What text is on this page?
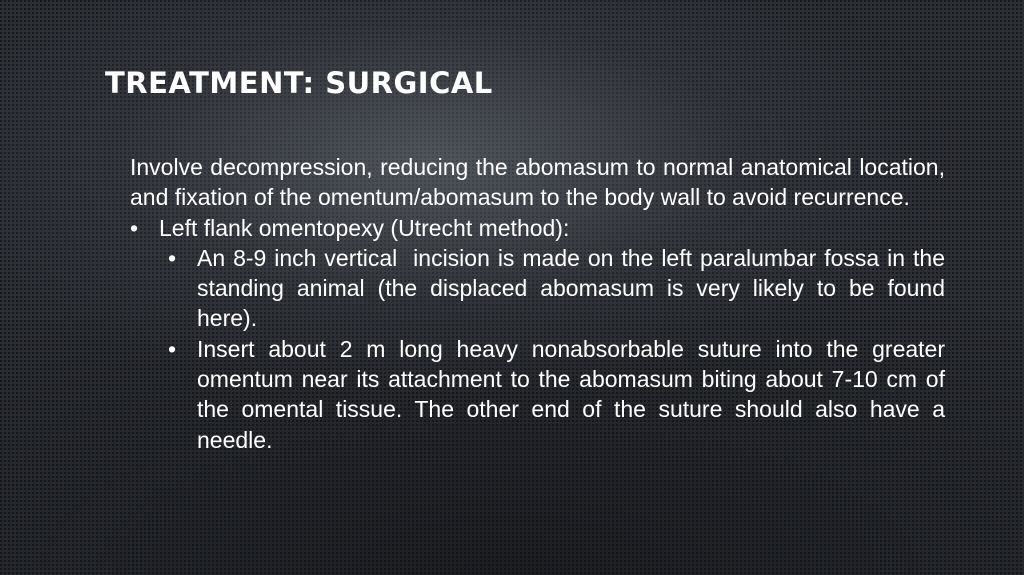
TREATMENT: SURGICAL

Involve decompression, reducing the abomasum to normal anatomical location, and fixation of the omentum/abomasum to the body wall to avoid recurrence.

• Left flank omentopexy (Utrecht method):
• An 8-9 inch vertical  incision is made on the left paralumbar fossa in the standing animal (the displaced abomasum is very likely to be found here).
• Insert about 2 m long heavy nonabsorbable suture into the greater omentum near its attachment to the abomasum biting about 7-10 cm of the omental tissue. The other end of the suture should also have a needle.
